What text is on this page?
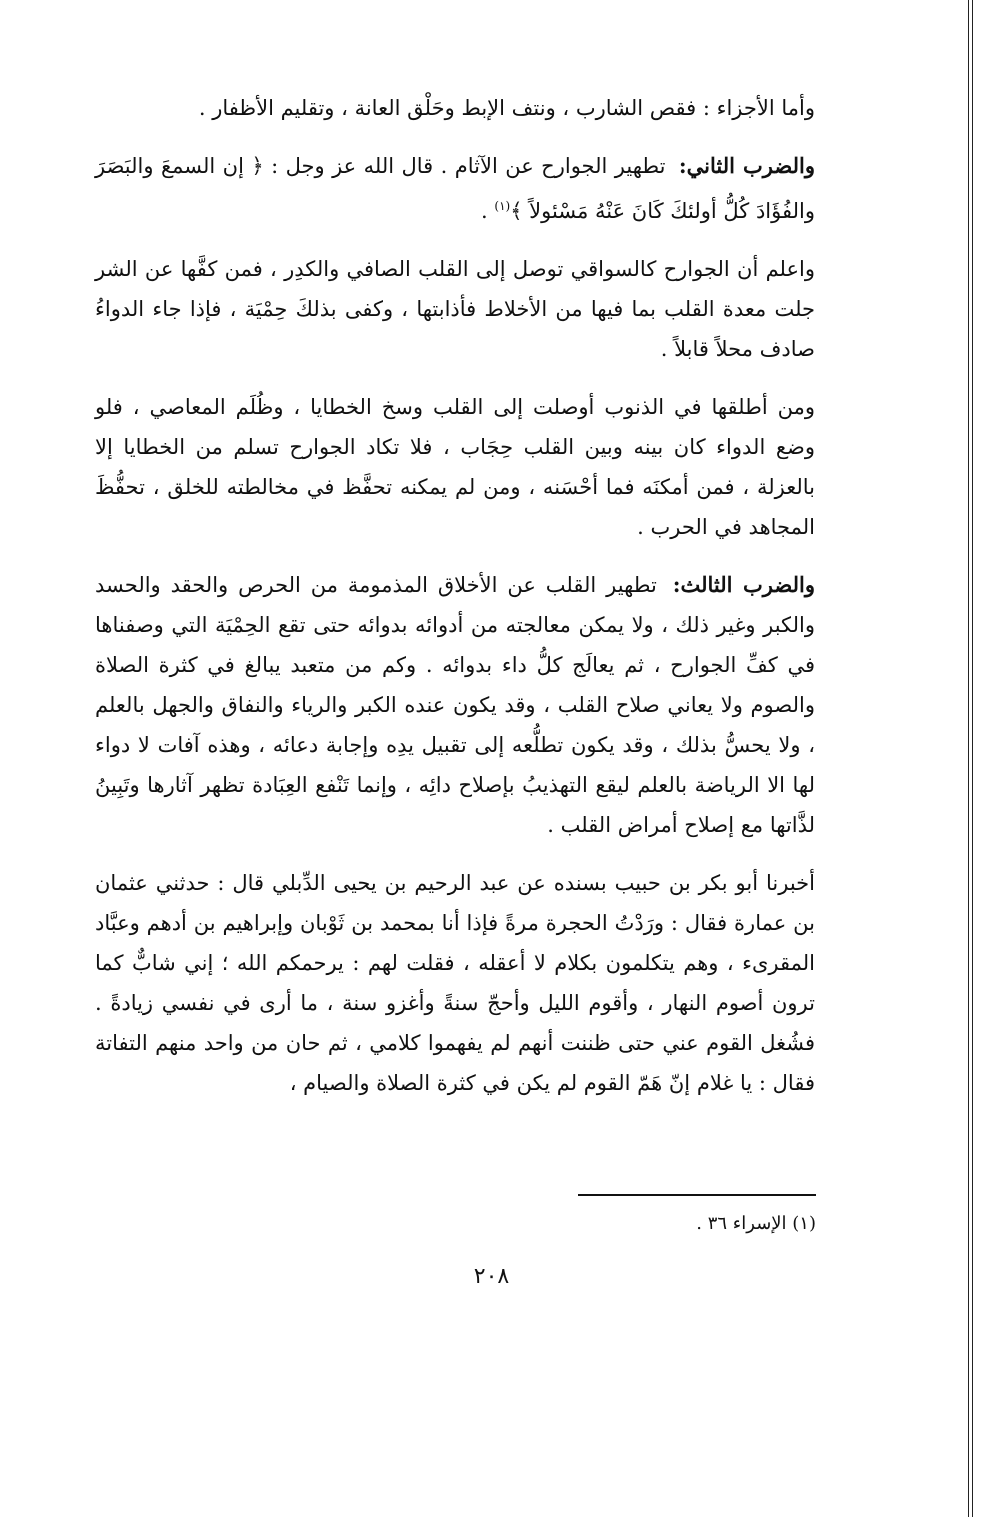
وأما الأجزاء : فقص الشارب ، ونتف الإبط وحَلْق العانة ، وتقليم الأظفار .

والضرب الثاني: تطهير الجوارح عن الآثام . قال الله عز وجل : ﴿ إن السمعَ والبَصَرَ والفُؤَادَ كُلُّ أولئكَ كَانَ عَنْهُ مَسْئولاً ﴾$^{(١)}$ .

واعلم أن الجوارح كالسواقي توصل إلى القلب الصافي والكدِر ، فمن كفَّها عن الشر جلت معدة القلب بما فيها من الأخلاط فأذابتها ، وكفى بذلكَ حِمْيَة ، فإذا جاء الدواءُ صادف محلاً قابلاً .

ومن أطلقها في الذنوب أوصلت إلى القلب وسخ الخطايا ، وظُلَم المعاصي ، فلو وضع الدواء كان بينه وبين القلب حِجَاب ، فلا تكاد الجوارح تسلم من الخطايا إلا بالعزلة ، فمن أمكنَه فما أحْسَنه ، ومن لم يمكنه تحفَّظ في مخالطته للخلق ، تحفُّظَ المجاهد في الحرب .

والضرب الثالث: تطهير القلب عن الأخلاق المذمومة من الحرص والحقد والحسد والكبر وغير ذلك ، ولا يمكن معالجته من أدوائه بدوائه حتى تقع الحِمْيَة التي وصفناها في كفِّ الجوارح ، ثم يعالَج كلُّ داء بدوائه . وكم من متعبد يبالغ في كثرة الصلاة والصوم ولا يعاني صلاح القلب ، وقد يكون عنده الكبر والرياء والنفاق والجهل بالعلم ، ولا يحسُّ بذلك ، وقد يكون تطلُّعه إلى تقبيل يدِه وإجابة دعائه ، وهذه آفات لا دواء لها الا الرياضة بالعلم ليقع التهذيبُ بإصلاح دائِه ، وإنما تَنْفع العِبَادة تظهر آثارها وتَبِينُ لذَّاتها مع إصلاح أمراض القلب .

أخبرنا أبو بكر بن حبيب بسنده عن عبد الرحيم بن يحيى الدِّبلي قال : حدثني عثمان بن عمارة فقال : ورَدْتُ الحجرة مرةً فإذا أنا بمحمد بن ثَوْبان وإبراهيم بن أدهم وعبَّاد المقرىء ، وهم يتكلمون بكلام لا أعقله ، فقلت لهم : يرحمكم الله ؛ إني شابٌّ كما ترون أصوم النهار ، وأقوم الليل وأحجّ سنةً وأغزو سنة ، ما أرى في نفسي زيادةً . فشُغل القوم عني حتى ظننت أنهم لم يفهموا كلامي ، ثم حان من واحد منهم التفاتة فقال : يا غلام إنّ هَمّ القوم لم يكن في كثرة الصلاة والصيام ،

(١) الإسراء ٣٦ .
٢٠٨
